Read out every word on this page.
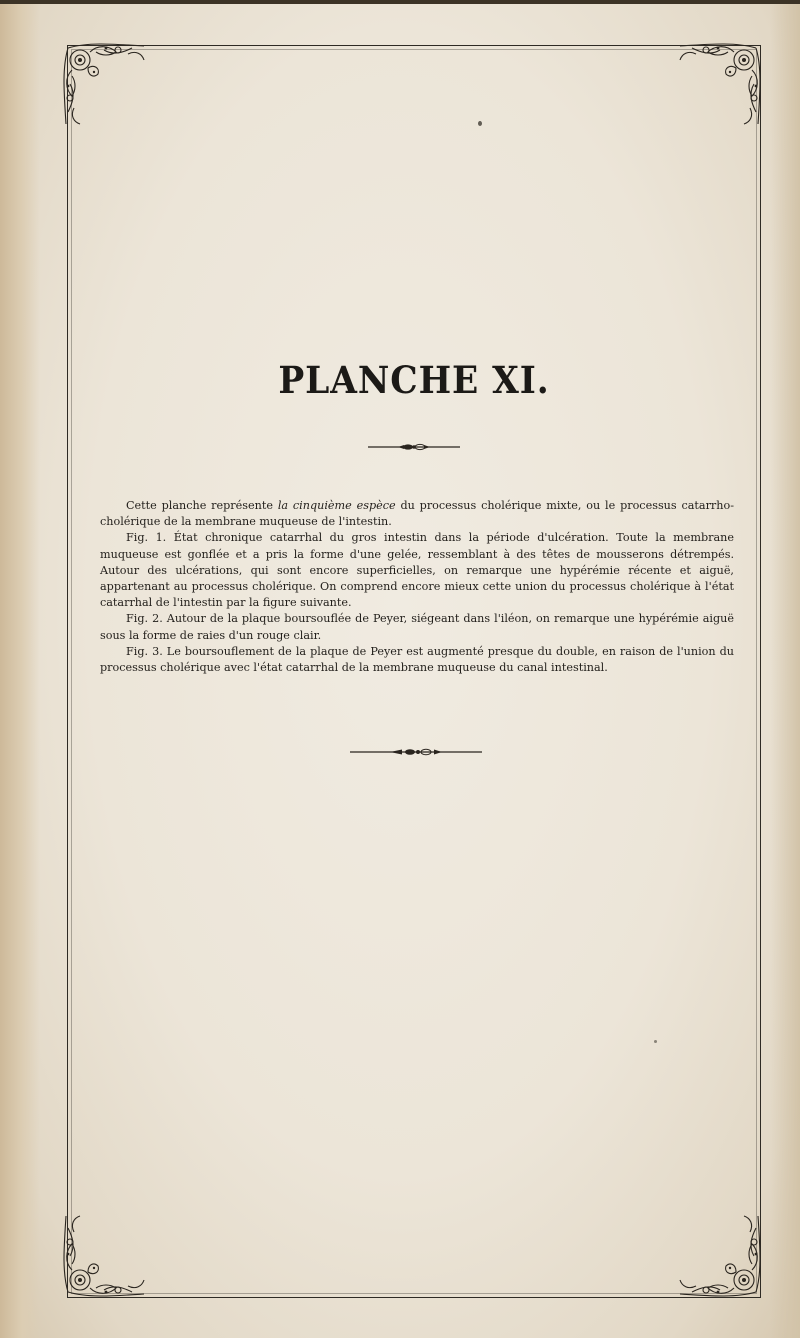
PLANCHE XI.

Cette planche représente la cinquième espèce du processus cholérique mixte, ou le processus catarrho-cholérique de la membrane muqueuse de l'intestin.

Fig. 1. État chronique catarrhal du gros intestin dans la période d'ulcération. Toute la membrane muqueuse est gonflée et a pris la forme d'une gelée, ressemblant à des têtes de mousserons détrempés. Autour des ulcérations, qui sont encore superficielles, on remarque une hypérémie récente et aiguë, appartenant au processus cholérique. On comprend encore mieux cette union du processus cholérique à l'état catarrhal de l'intestin par la figure suivante.

Fig. 2. Autour de la plaque boursouflée de Peyer, siégeant dans l'iléon, on remarque une hypérémie aiguë sous la forme de raies d'un rouge clair.

Fig. 3. Le boursouflement de la plaque de Peyer est augmenté presque du double, en raison de l'union du processus cholérique avec l'état catarrhal de la membrane muqueuse du canal intestinal.
